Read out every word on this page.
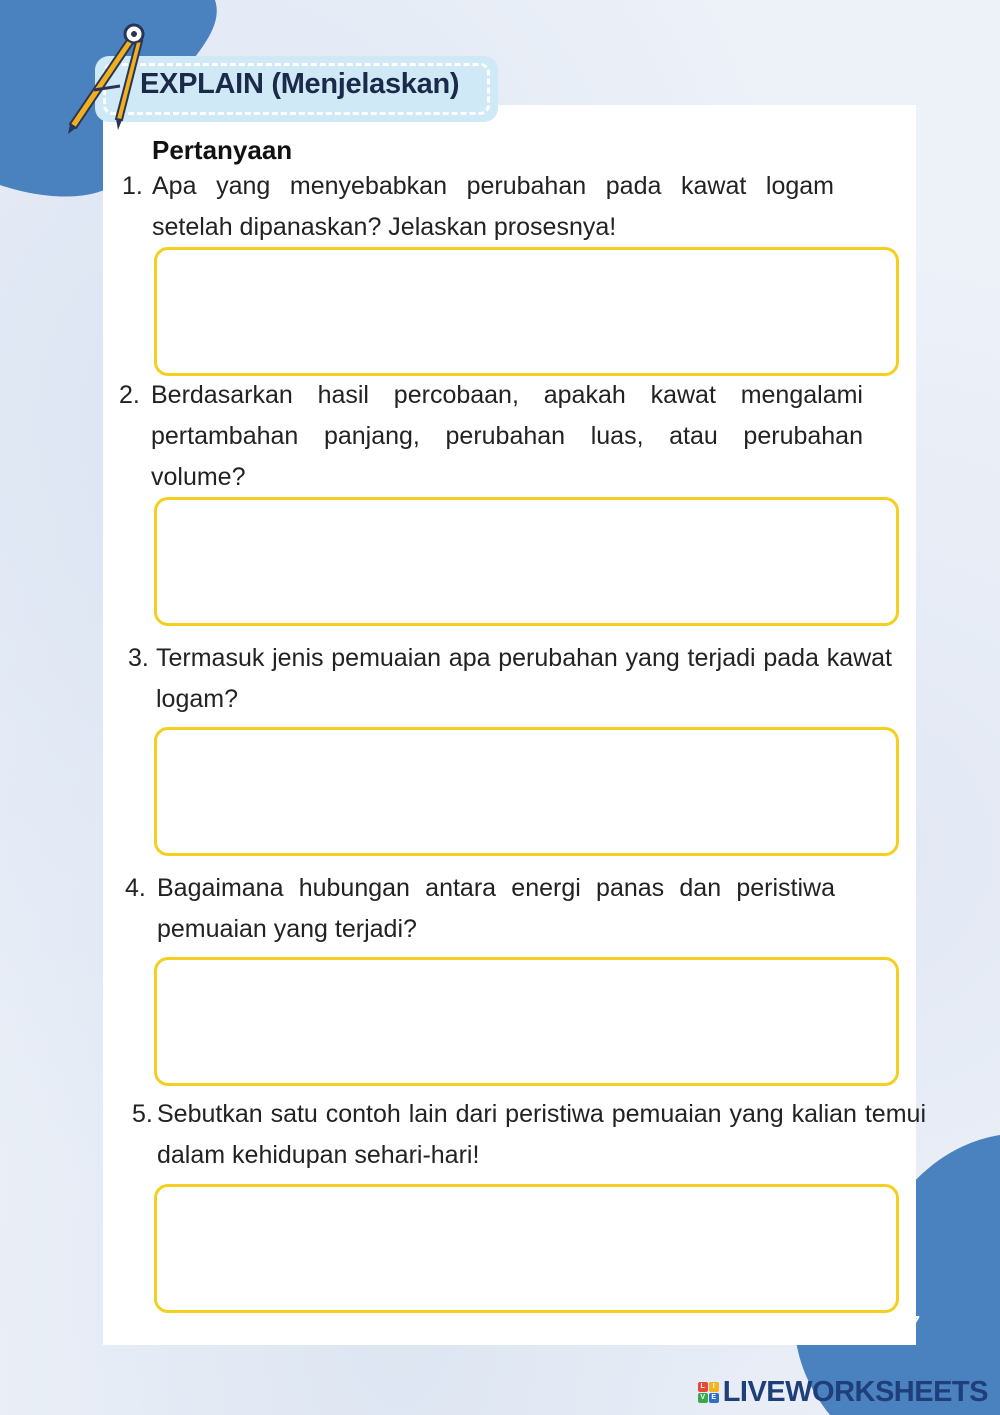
EXPLAIN (Menjelaskan)
Pertanyaan
1. Apa yang menyebabkan perubahan pada kawat logam setelah dipanaskan? Jelaskan prosesnya!
2. Berdasarkan hasil percobaan, apakah kawat mengalami pertambahan panjang, perubahan luas, atau perubahan volume?
3. Termasuk jenis pemuaian apa perubahan yang terjadi pada kawat logam?
4. Bagaimana hubungan antara energi panas dan peristiwa pemuaian yang terjadi?
5. Sebutkan satu contoh lain dari peristiwa pemuaian yang kalian temui dalam kehidupan sehari-hari!
7
L	I
V E LIVEWORKSHEETS
